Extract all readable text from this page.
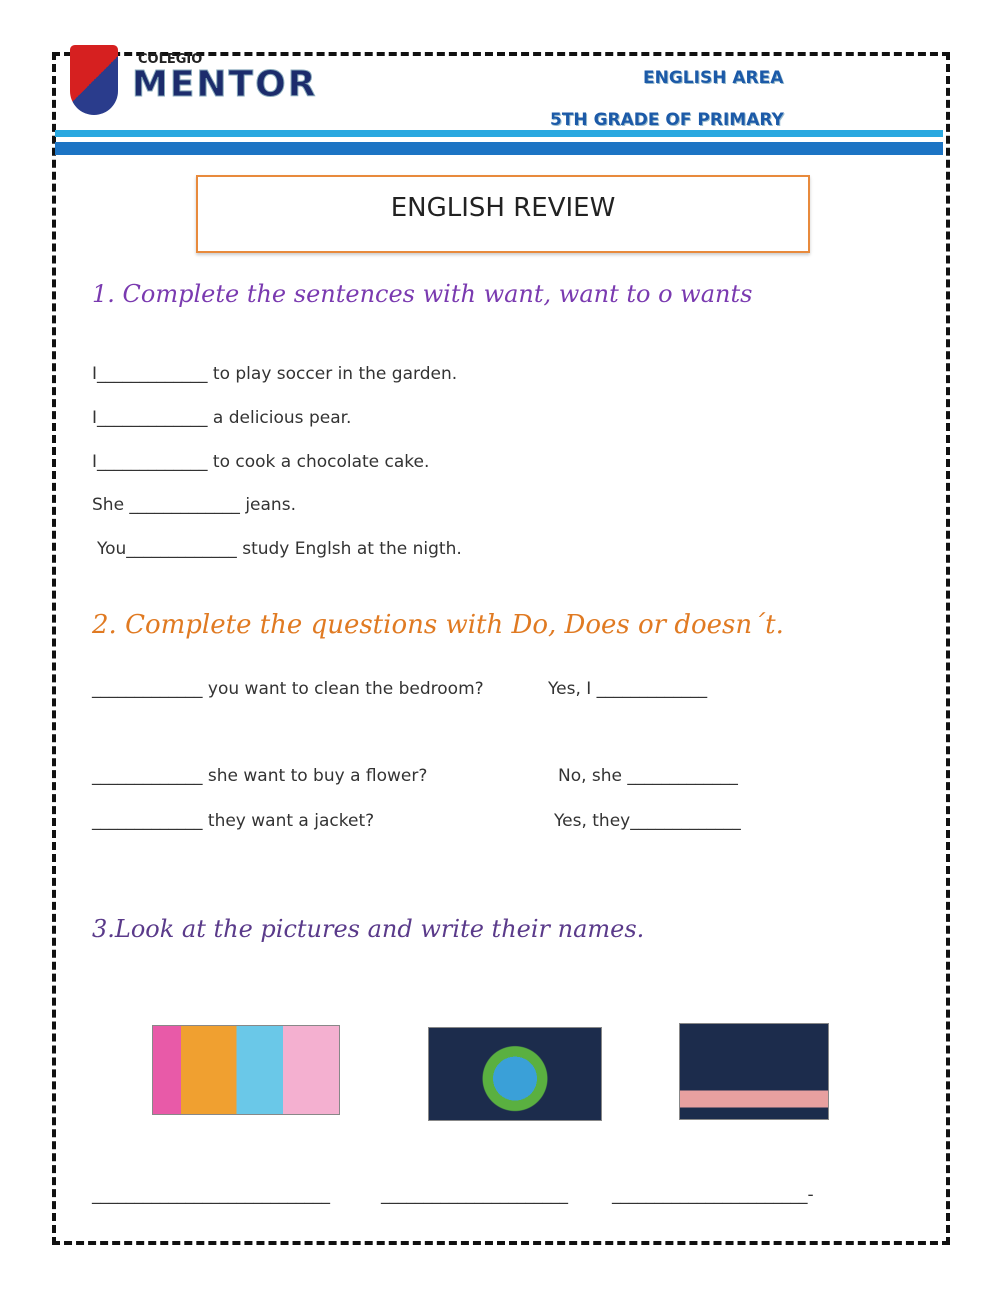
COLEGIO
MENTOR	ENGLISH AREA
5TH GRADE OF PRIMARY
ENGLISH REVIEW
1. Complete the sentences with want, want to o wants
I_____________ to play soccer in the garden.
I_____________ a delicious pear.
I_____________ to cook a chocolate cake.
She _____________ jeans.
You_____________ study Englsh at the nigth.
2. Complete the questions with Do, Does or doesn´t.
_____________ you want to clean the bedroom?	Yes, I _____________
_____________ she want to buy a flower?	No, she _____________
_____________ they want a jacket?	Yes, they_____________
3.Look at the pictures and write their names.
____________________________	______________________	_______________________-
